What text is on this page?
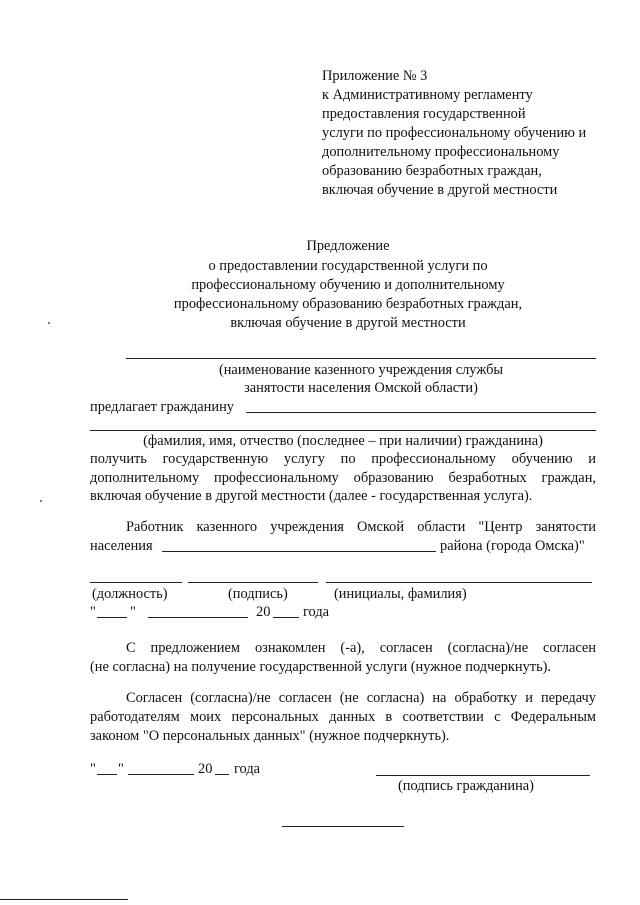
Приложение № 3
к Административному регламенту
предоставления государственной
услуги по профессиональному обучению и
дополнительному профессиональному
образованию безработных граждан,
включая обучение в другой местности
Предложение
о предоставлении государственной услуги по
профессиональному обучению и дополнительному
профессиональному образованию безработных граждан,
включая обучение в другой местности
(наименование казенного учреждения службы
занятости населения Омской области)
предлагает гражданину
(фамилия, имя, отчество (последнее – при наличии) гражданина)
получить государственную услугу по профессиональному обучению и
дополнительному профессиональному образованию безработных граждан,
включая обучение в другой местности (далее - государственная услуга).
Работник казенного учреждения Омской области "Центр занятости
населения	района (города Омска)"
(должность)	(подпись)	(инициалы, фамилия)
" "	20 года
С предложением ознакомлен (-а), согласен (согласна)/не согласен
(не согласна) на получение государственной услуги (нужное подчеркнуть).
Согласен (согласна)/не согласен (не согласна) на обработку и передачу
работодателям моих персональных данных в соответствии с Федеральным
законом "О персональных данных" (нужное подчеркнуть).
" "	20 года
(подпись гражданина)
